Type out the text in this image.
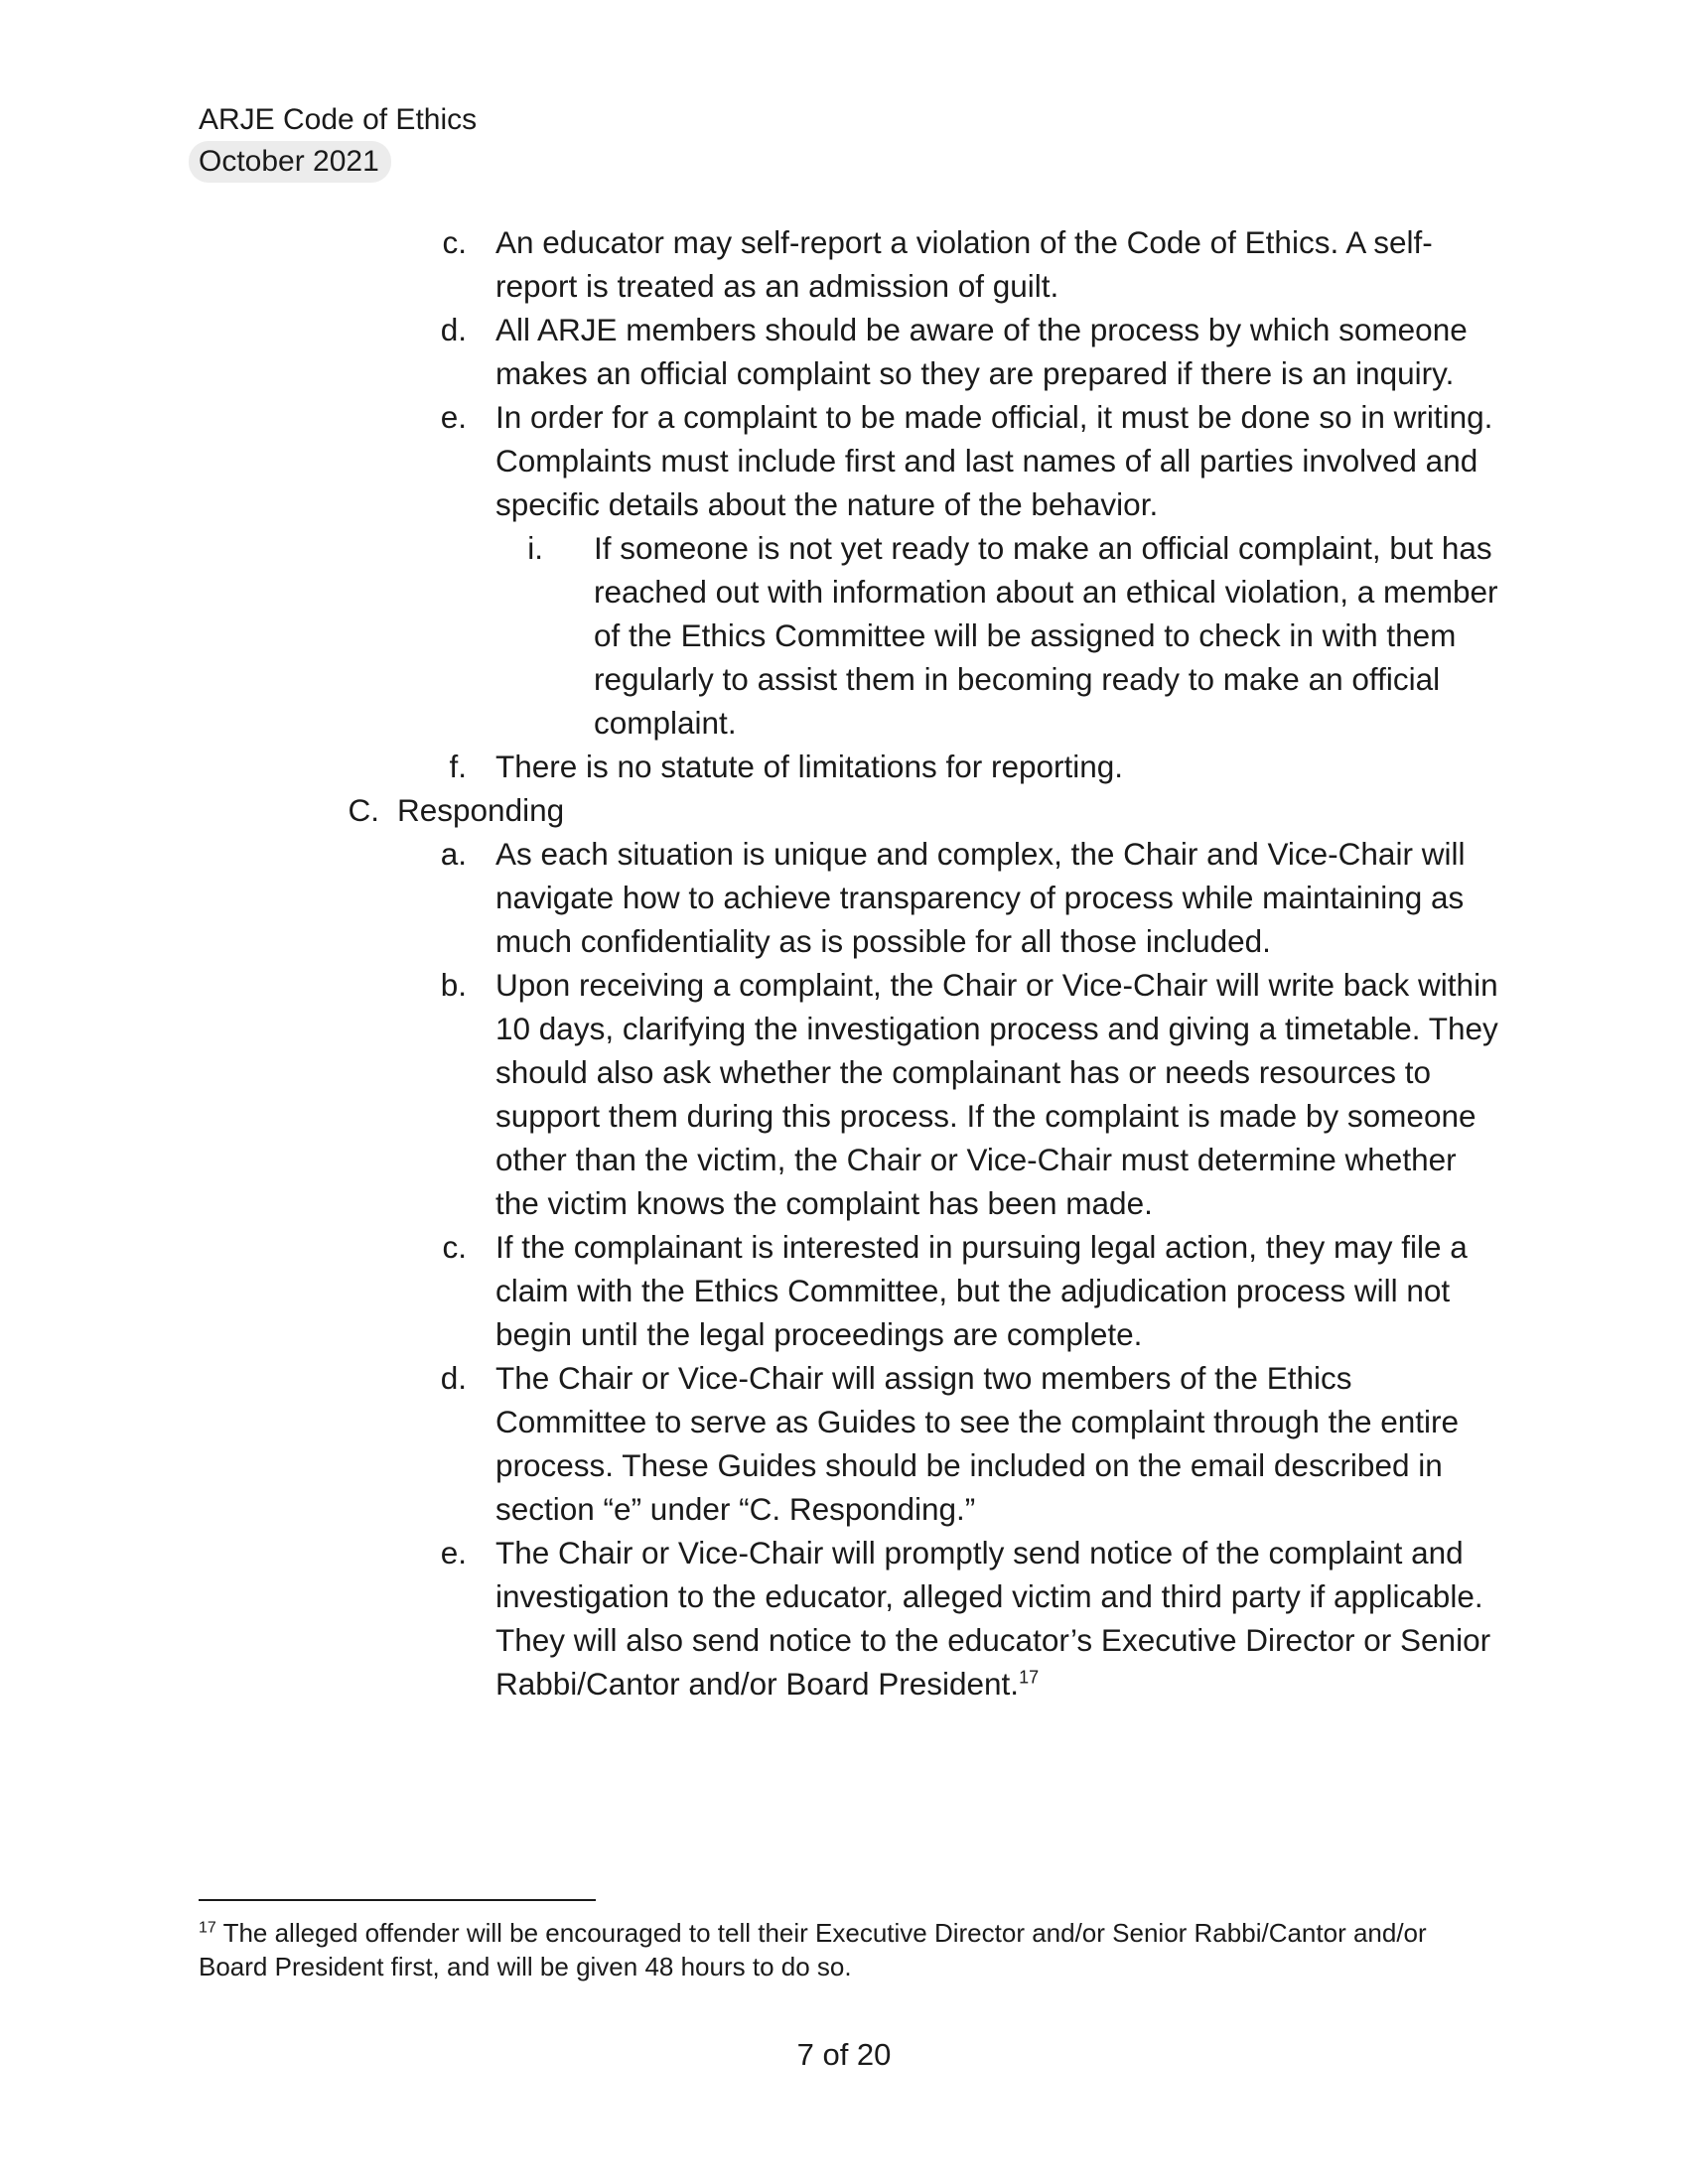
ARJE Code of Ethics
October 2021
c. An educator may self-report a violation of the Code of Ethics. A self-report is treated as an admission of guilt.
d. All ARJE members should be aware of the process by which someone makes an official complaint so they are prepared if there is an inquiry.
e. In order for a complaint to be made official, it must be done so in writing. Complaints must include first and last names of all parties involved and specific details about the nature of the behavior.
i. If someone is not yet ready to make an official complaint, but has reached out with information about an ethical violation, a member of the Ethics Committee will be assigned to check in with them regularly to assist them in becoming ready to make an official complaint.
f. There is no statute of limitations for reporting.
C. Responding
a. As each situation is unique and complex, the Chair and Vice-Chair will navigate how to achieve transparency of process while maintaining as much confidentiality as is possible for all those included.
b. Upon receiving a complaint, the Chair or Vice-Chair will write back within 10 days, clarifying the investigation process and giving a timetable. They should also ask whether the complainant has or needs resources to support them during this process. If the complaint is made by someone other than the victim, the Chair or Vice-Chair must determine whether the victim knows the complaint has been made.
c. If the complainant is interested in pursuing legal action, they may file a claim with the Ethics Committee, but the adjudication process will not begin until the legal proceedings are complete.
d. The Chair or Vice-Chair will assign two members of the Ethics Committee to serve as Guides to see the complaint through the entire process. These Guides should be included on the email described in section “e” under “C. Responding.”
e. The Chair or Vice-Chair will promptly send notice of the complaint and investigation to the educator, alleged victim and third party if applicable. They will also send notice to the educator’s Executive Director or Senior Rabbi/Cantor and/or Board President.$^{17}$
$^{17}$ The alleged offender will be encouraged to tell their Executive Director and/or Senior Rabbi/Cantor and/or Board President first, and will be given 48 hours to do so.
7 of 20
